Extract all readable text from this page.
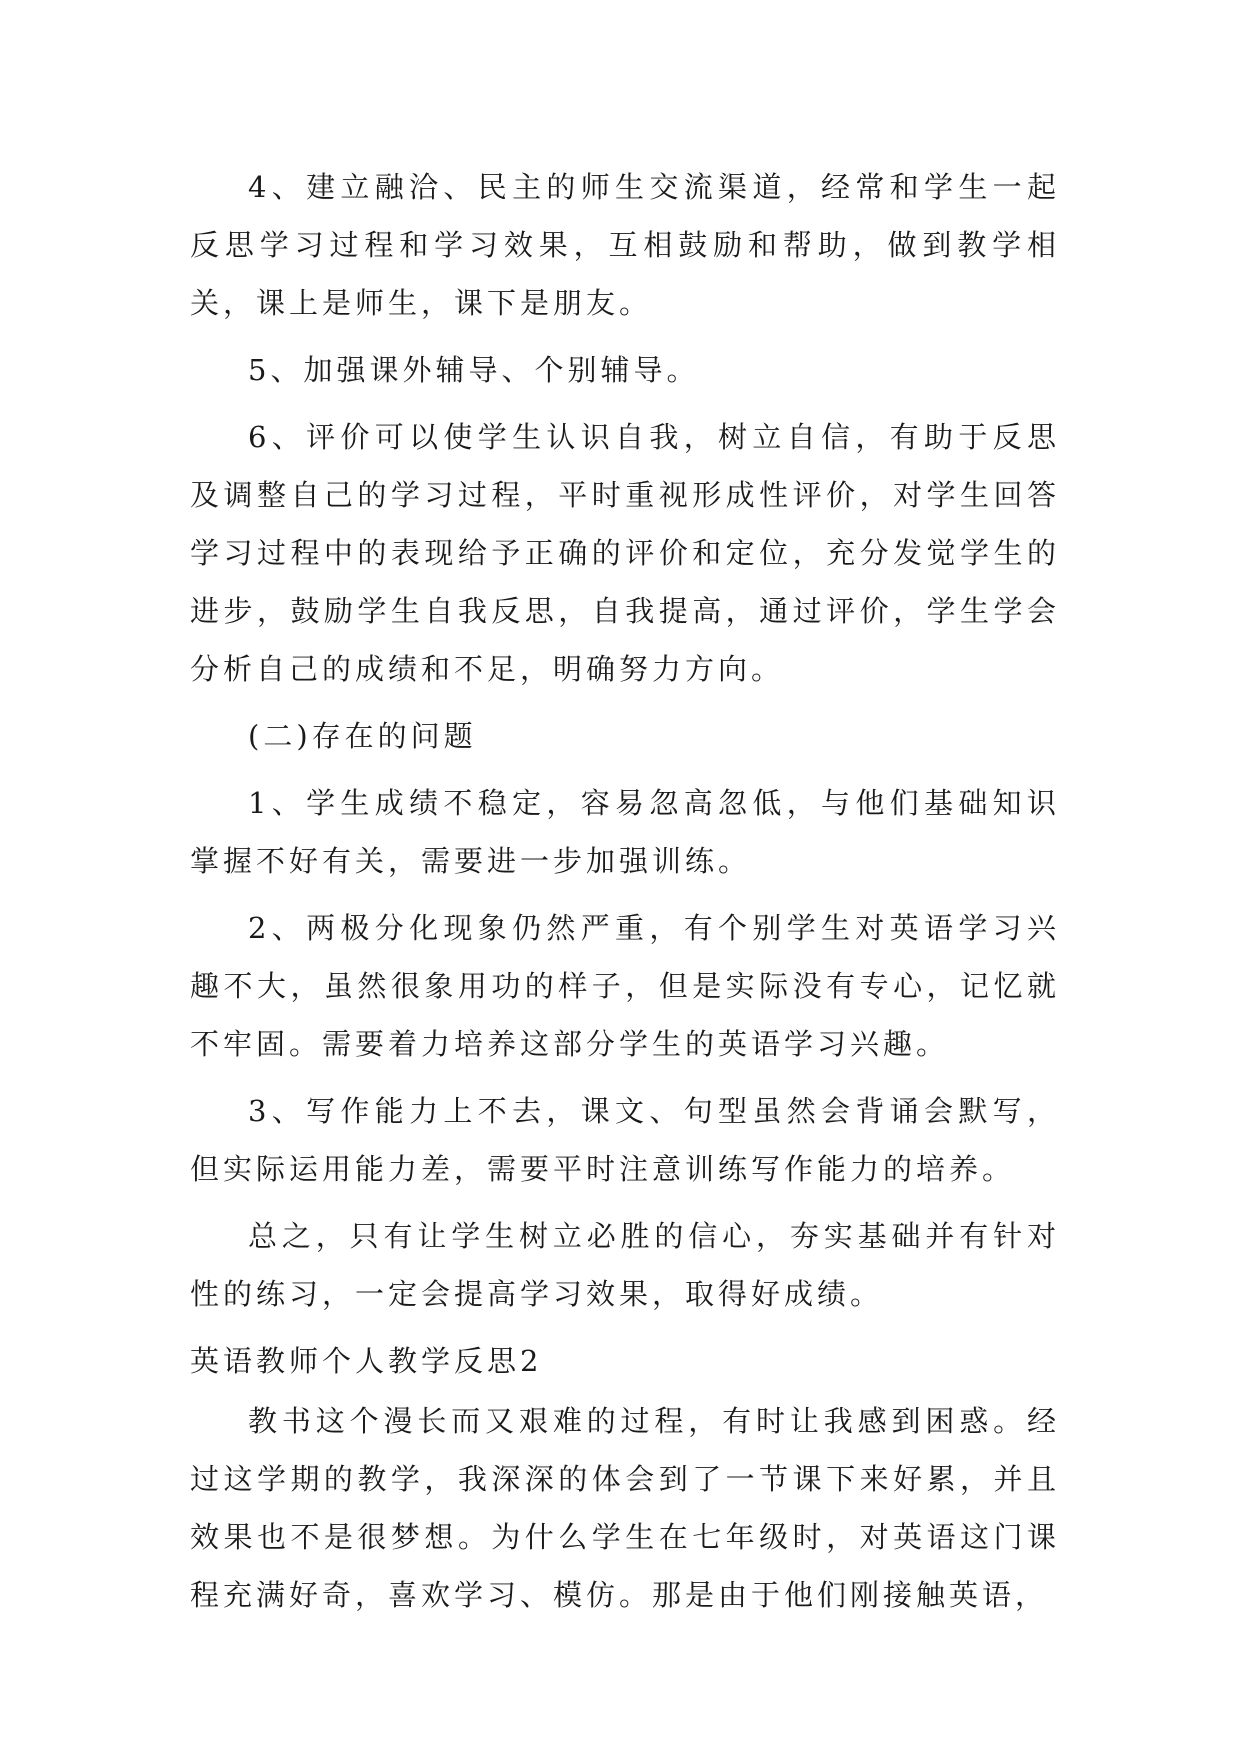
4、建立融洽、民主的师生交流渠道，经常和学生一起反思学习过程和学习效果，互相鼓励和帮助，做到教学相关，课上是师生，课下是朋友。

5、加强课外辅导、个别辅导。

6、评价可以使学生认识自我，树立自信，有助于反思及调整自己的学习过程，平时重视形成性评价，对学生回答学习过程中的表现给予正确的评价和定位，充分发觉学生的进步，鼓励学生自我反思，自我提高，通过评价，学生学会分析自己的成绩和不足，明确努力方向。

(二)存在的问题

1、学生成绩不稳定，容易忽高忽低，与他们基础知识掌握不好有关，需要进一步加强训练。

2、两极分化现象仍然严重，有个别学生对英语学习兴趣不大，虽然很象用功的样子，但是实际没有专心，记忆就不牢固。需要着力培养这部分学生的英语学习兴趣。

3、写作能力上不去，课文、句型虽然会背诵会默写，但实际运用能力差，需要平时注意训练写作能力的培养。

总之，只有让学生树立必胜的信心，夯实基础并有针对性的练习，一定会提高学习效果，取得好成绩。

英语教师个人教学反思2

教书这个漫长而又艰难的过程，有时让我感到困惑。经过这学期的教学，我深深的体会到了一节课下来好累，并且效果也不是很梦想。为什么学生在七年级时，对英语这门课程充满好奇，喜欢学习、模仿。那是由于他们刚接触英语，
